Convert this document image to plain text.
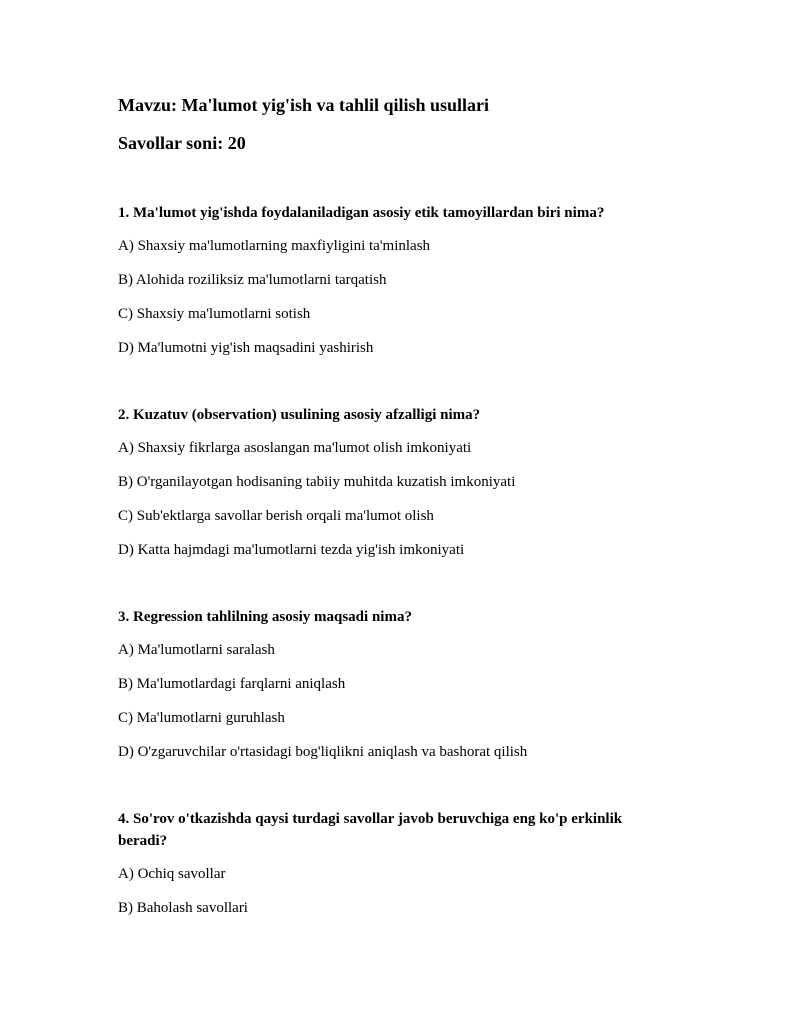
Mavzu: Ma'lumot yig'ish va tahlil qilish usullari
Savollar soni: 20

1. Ma'lumot yig'ishda foydalaniladigan asosiy etik tamoyillardan biri nima?

A) Shaxsiy ma'lumotlarning maxfiyligini ta'minlash

B) Alohida roziliksiz ma'lumotlarni tarqatish

C) Shaxsiy ma'lumotlarni sotish

D) Ma'lumotni yig'ish maqsadini yashirish

2. Kuzatuv (observation) usulining asosiy afzalligi nima?

A) Shaxsiy fikrlarga asoslangan ma'lumot olish imkoniyati

B) O'rganilayotgan hodisaning tabiiy muhitda kuzatish imkoniyati

C) Sub'ektlarga savollar berish orqali ma'lumot olish

D) Katta hajmdagi ma'lumotlarni tezda yig'ish imkoniyati

3. Regression tahlilning asosiy maqsadi nima?

A) Ma'lumotlarni saralash

B) Ma'lumotlardagi farqlarni aniqlash

C) Ma'lumotlarni guruhlash

D) O'zgaruvchilar o'rtasidagi bog'liqlikni aniqlash va bashorat qilish

4. So'rov o'tkazishda qaysi turdagi savollar javob beruvchiga eng ko'p erkinlik beradi?

A) Ochiq savollar

B) Baholash savollari
